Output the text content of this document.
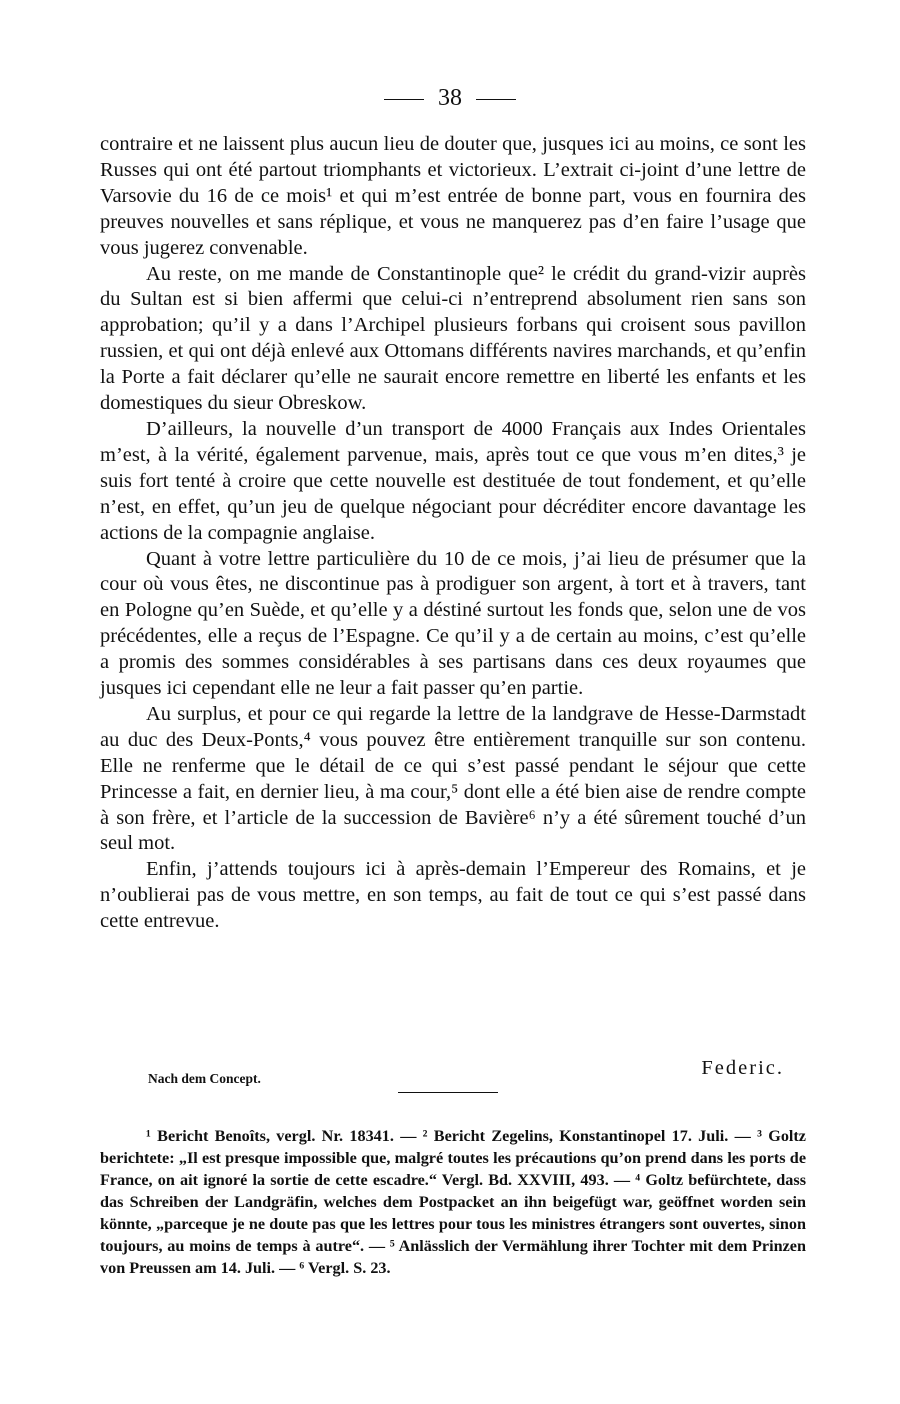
38

contraire et ne laissent plus aucun lieu de douter que, jusques ici au moins, ce sont les Russes qui ont été partout triomphants et victorieux. L’extrait ci-joint d’une lettre de Varsovie du 16 de ce mois¹ et qui m’est entrée de bonne part, vous en fournira des preuves nouvelles et sans réplique, et vous ne manquerez pas d’en faire l’usage que vous jugerez convenable.

Au reste, on me mande de Constantinople que² le crédit du grand-vizir auprès du Sultan est si bien affermi que celui-ci n’entreprend absolument rien sans son approbation; qu’il y a dans l’Archipel plusieurs forbans qui croisent sous pavillon russien, et qui ont déjà enlevé aux Ottomans différents navires marchands, et qu’enfin la Porte a fait déclarer qu’elle ne saurait encore remettre en liberté les enfants et les domestiques du sieur Obreskow.

D’ailleurs, la nouvelle d’un transport de 4000 Français aux Indes Orientales m’est, à la vérité, également parvenue, mais, après tout ce que vous m’en dites,³ je suis fort tenté à croire que cette nouvelle est destituée de tout fondement, et qu’elle n’est, en effet, qu’un jeu de quelque négociant pour décréditer encore davantage les actions de la compagnie anglaise.

Quant à votre lettre particulière du 10 de ce mois, j’ai lieu de présumer que la cour où vous êtes, ne discontinue pas à prodiguer son argent, à tort et à travers, tant en Pologne qu’en Suède, et qu’elle y a déstiné surtout les fonds que, selon une de vos précédentes, elle a reçus de l’Espagne. Ce qu’il y a de certain au moins, c’est qu’elle a promis des sommes considérables à ses partisans dans ces deux royaumes que jusques ici cependant elle ne leur a fait passer qu’en partie.

Au surplus, et pour ce qui regarde la lettre de la landgrave de Hesse-Darmstadt au duc des Deux-Ponts,⁴ vous pouvez être entièrement tranquille sur son contenu. Elle ne renferme que le détail de ce qui s’est passé pendant le séjour que cette Princesse a fait, en dernier lieu, à ma cour,⁵ dont elle a été bien aise de rendre compte à son frère, et l’article de la succession de Bavière⁶ n’y a été sûrement touché d’un seul mot.

Enfin, j’attends toujours ici à après-demain l’Empereur des Romains, et je n’oublierai pas de vous mettre, en son temps, au fait de tout ce qui s’est passé dans cette entrevue.

Nach dem Concept.	Federic.

¹ Bericht Benoîts, vergl. Nr. 18341. — ² Bericht Zegelins, Konstantinopel 17. Juli. — ³ Goltz berichtete: „Il est presque impossible que, malgré toutes les précautions qu’on prend dans les ports de France, on ait ignoré la sortie de cette escadre.“ Vergl. Bd. XXVIII, 493. — ⁴ Goltz befürchtete, dass das Schreiben der Landgräfin, welches dem Postpacket an ihn beigefügt war, geöffnet worden sein könnte, „parceque je ne doute pas que les lettres pour tous les ministres étrangers sont ouvertes, sinon toujours, au moins de temps à autre“. — ⁵ Anlässlich der Vermählung ihrer Tochter mit dem Prinzen von Preussen am 14. Juli. — ⁶ Vergl. S. 23.
